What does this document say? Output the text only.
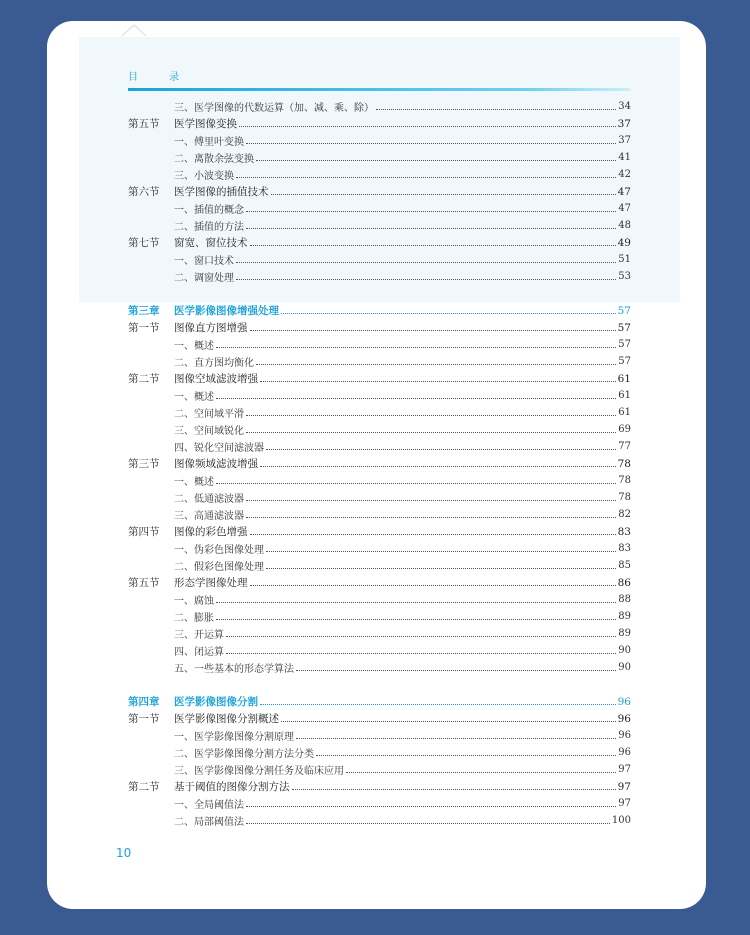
目 录
三、医学图像的代数运算（加、减、乘、除）	34
第五节	医学图像变换	37
一、傅里叶变换	37
二、离散余弦变换	41
三、小波变换	42
第六节	医学图像的插值技术	47
一、插值的概念	47
二、插值的方法	48
第七节	窗宽、窗位技术	49
一、窗口技术	51
二、调窗处理	53
第三章	医学影像图像增强处理	57
第一节	图像直方图增强	57
一、概述	57
二、直方图均衡化	57
第二节	图像空域滤波增强	61
一、概述	61
二、空间域平滑	61
三、空间域锐化	69
四、锐化空间滤波器	77
第三节	图像频域滤波增强	78
一、概述	78
二、低通滤波器	78
三、高通滤波器	82
第四节	图像的彩色增强	83
一、伪彩色图像处理	83
二、假彩色图像处理	85
第五节	形态学图像处理	86
一、腐蚀	88
二、膨胀	89
三、开运算	89
四、闭运算	90
五、一些基本的形态学算法	90
第四章	医学影像图像分割	96
第一节	医学影像图像分割概述	96
一、医学影像图像分割原理	96
二、医学影像图像分割方法分类	96
三、医学影像图像分割任务及临床应用	97
第二节	基于阈值的图像分割方法	97
一、全局阈值法	97
二、局部阈值法	100
10
